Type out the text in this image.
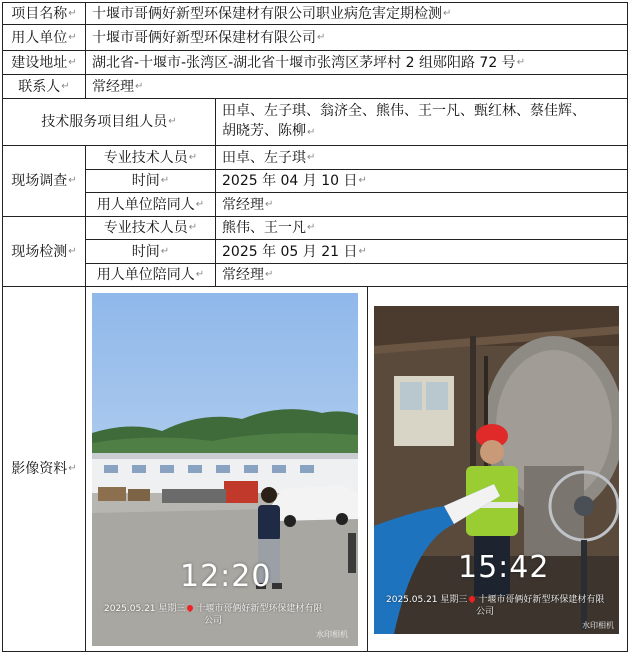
项目名称 ↵ 十堰市哥俩好新型环保建材有限公司职业病危害定期检测 ↵
用人单位 ↵ 十堰市哥俩好新型环保建材有限公司 ↵
建设地址 ↵ 湖北省-十堰市-张湾区-湖北省十堰市张湾区茅坪村 2 组郧阳路 72 号 ↵
联系人 ↵ 常经理 ↵
技术服务项目组人员 ↵
田卓、左子琪、翁济全、熊伟、王一凡、甄红林、蔡佳辉、
胡晓芳、陈柳↵
现场调查 ↵
专业技术人员 ↵ 田卓、左子琪 ↵
时间 ↵	2025 年 04 月 10 日 ↵
用人单位陪同人 ↵ 常经理 ↵
现场检测 ↵
专业技术人员 ↵ 熊伟、王一凡 ↵
时间 ↵	2025 年 05 月 21 日 ↵
用人单位陪同人 ↵ 常经理 ↵
影像资料 ↵
12:20
2025.05.21 星期三 十堰市哥俩好新型环保建材有限
公司
水印相机
15:42
2025.05.21 星期三 十堰市哥俩好新型环保建材有限
公司
水印相机
